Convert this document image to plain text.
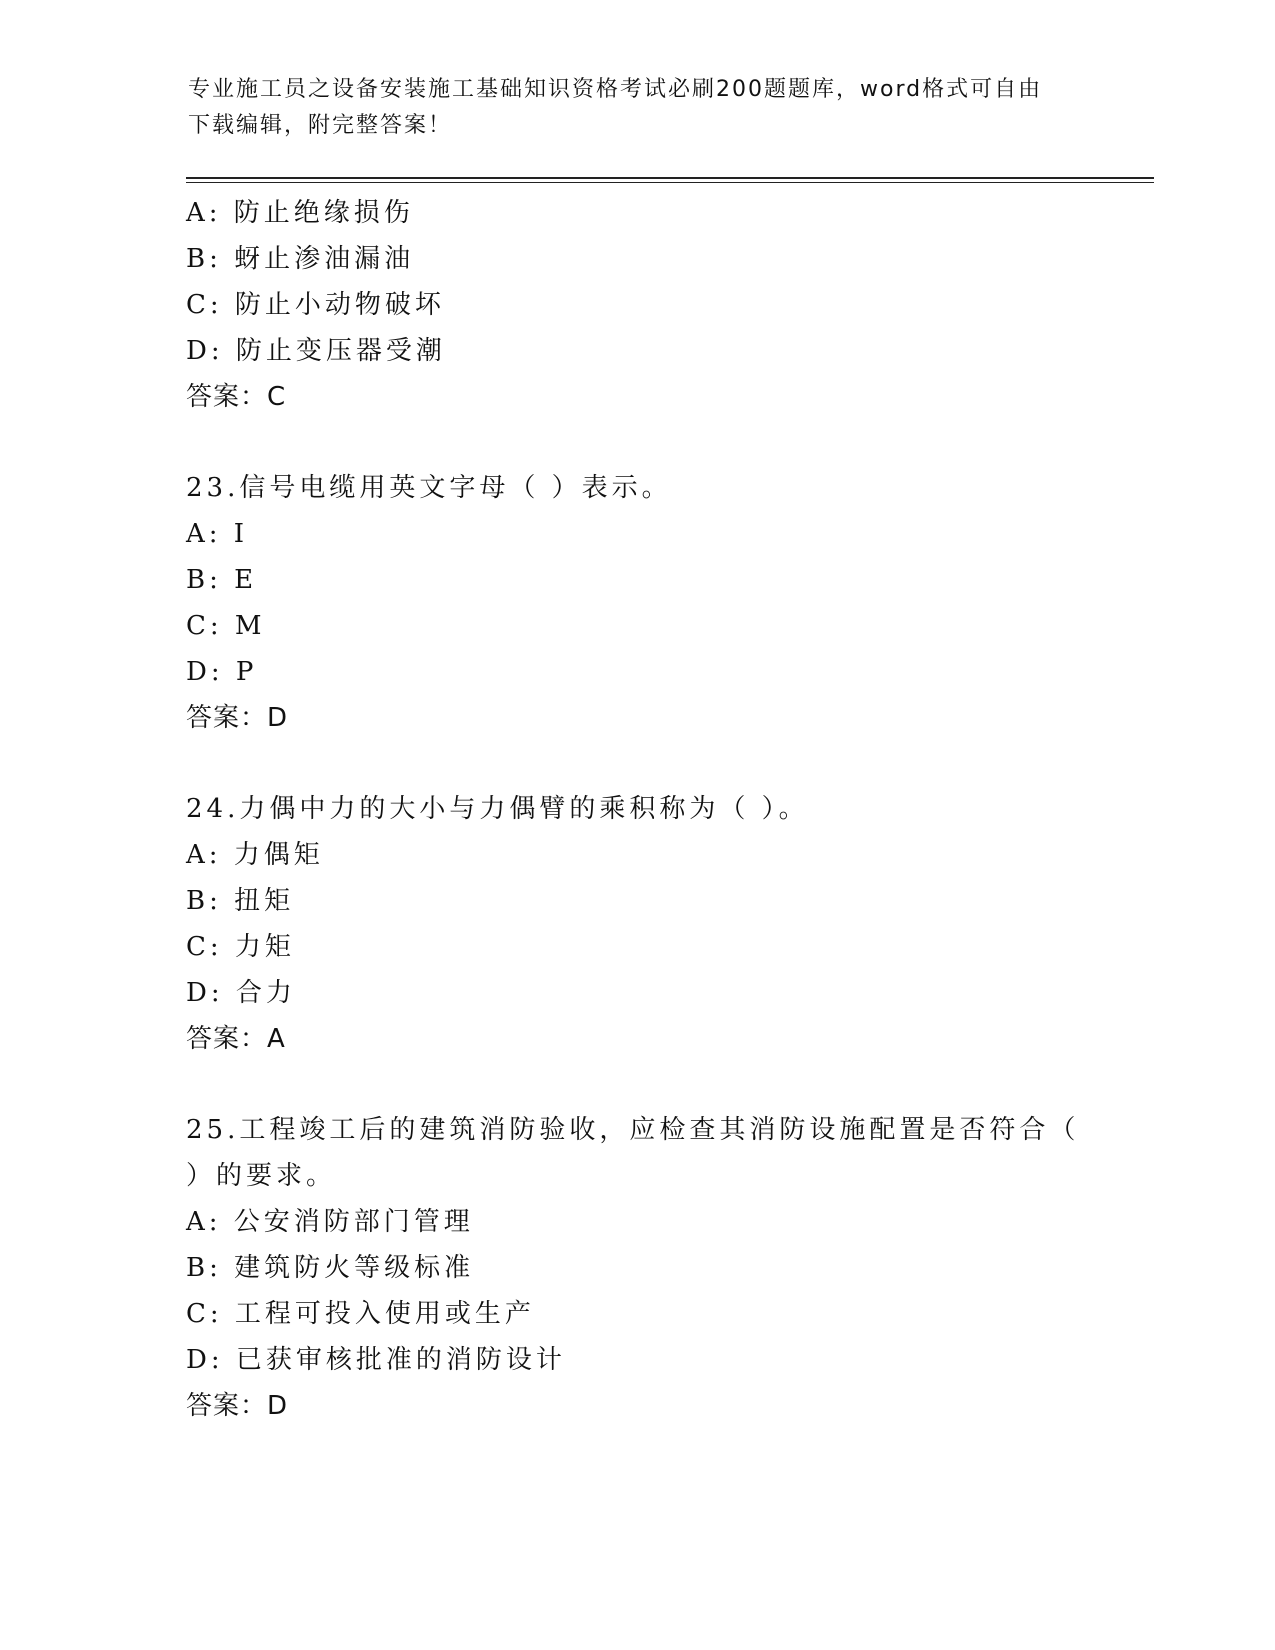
专业施工员之设备安装施工基础知识资格考试必刷200题题库，word格式可自由
下载编辑，附完整答案！
A: 防止绝缘损伤
B: 蚜止渗油漏油
C: 防止小动物破坏
D: 防止变压器受潮
答案：C
23.信号电缆用英文字母（ ）表示。
A: I
B: E
C: M
D: P
答案：D
24.力偶中力的大小与力偶臂的乘积称为（ ）。
A: 力偶矩
B: 扭矩
C: 力矩
D: 合力
答案：A
25.工程竣工后的建筑消防验收，应检查其消防设施配置是否符合（
）的要求。
A: 公安消防部门管理
B: 建筑防火等级标准
C: 工程可投入使用或生产
D: 已获审核批准的消防设计
答案：D
